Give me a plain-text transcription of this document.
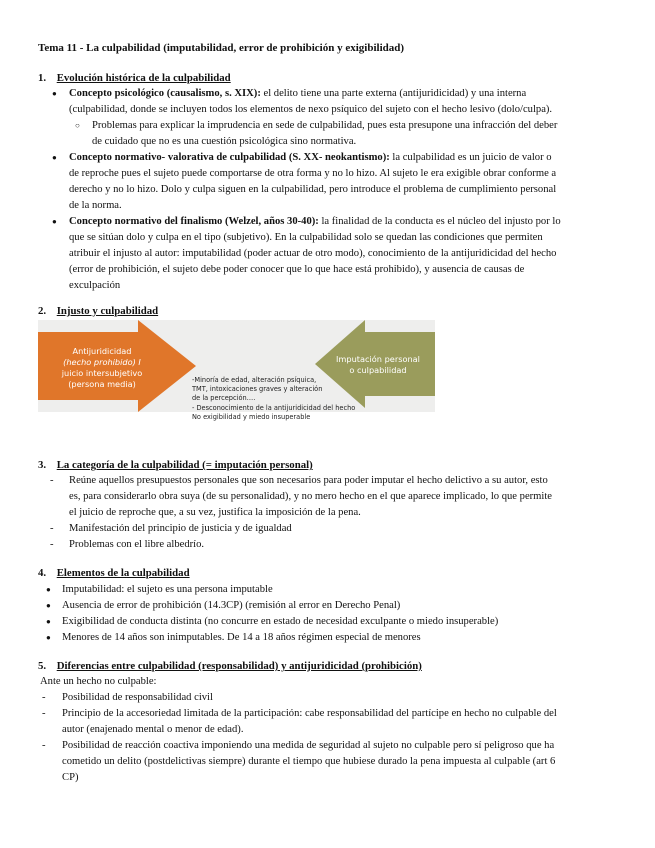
Tema 11 - La culpabilidad (imputabilidad, error de prohibición y exigibilidad)
1. Evolución histórica de la culpabilidad
● Concepto psicológico (causalismo, s. XIX): el delito tiene una parte externa (antijuridicidad) y una interna
(culpabilidad, donde se incluyen todos los elementos de nexo psíquico del sujeto con el hecho lesivo (dolo/culpa).
○ Problemas para explicar la imprudencia en sede de culpabilidad, pues esta presupone una infracción del deber
de cuidado que no es una cuestión psicológica sino normativa.
● Concepto normativo- valorativa de culpabilidad (S. XX- neokantismo): la culpabilidad es un juicio de valor o
de reproche pues el sujeto puede comportarse de otra forma y no lo hizo. Al sujeto le era exigible obrar conforme a
derecho y no lo hizo. Dolo y culpa siguen en la culpabilidad, pero introduce el problema de cumplimiento personal
de la norma.
● Concepto normativo del finalismo (Welzel, años 30-40): la finalidad de la conducta es el núcleo del injusto por lo
que se sitúan dolo y culpa en el tipo (subjetivo). En la culpabilidad solo se quedan las condiciones que permiten
atribuir el injusto al autor: imputabilidad (poder actuar de otro modo), conocimiento de la antijuridicidad del hecho
(error de prohibición, el sujeto debe poder conocer que lo que hace está prohibido), y ausencia de causas de
exculpación
2. Injusto y culpabilidad
Antijuridicidad
(hecho prohibido) I
juicio intersubjetivo
(persona media)
Imputación personal
o culpabilidad
-Minoría de edad, alteración psíquica,
TMT, intoxicaciones graves y alteración
de la percepción….
- Desconocimiento de la antijuridicidad del hecho
No exigibilidad y miedo insuperable
3. La categoría de la culpabilidad (= imputación personal)
- Reúne aquellos presupuestos personales que son necesarios para poder imputar el hecho delictivo a su autor, esto
es, para considerarlo obra suya (de su personalidad), y no mero hecho en el que aparece implicado, lo que permite
el juicio de reproche que, a su vez, justifica la imposición de la pena.
- Manifestación del principio de justicia y de igualdad
- Problemas con el libre albedrío.
4. Elementos de la culpabilidad
● Imputabilidad: el sujeto es una persona imputable
● Ausencia de error de prohibición (14.3CP) (remisión al error en Derecho Penal)
● Exigibilidad de conducta distinta (no concurre en estado de necesidad exculpante o miedo insuperable)
● Menores de 14 años son inimputables. De 14 a 18 años régimen especial de menores
5. Diferencias entre culpabilidad (responsabilidad) y antijuridicidad (prohibición)
Ante un hecho no culpable:
- Posibilidad de responsabilidad civil
- Principio de la accesoriedad limitada de la participación: cabe responsabilidad del partícipe en hecho no culpable del
autor (enajenado mental o menor de edad).
- Posibilidad de reacción coactiva imponiendo una medida de seguridad al sujeto no culpable pero sí peligroso que ha
cometido un delito (postdelictivas siempre) durante el tiempo que hubiese durado la pena impuesta al culpable (art 6
CP)
